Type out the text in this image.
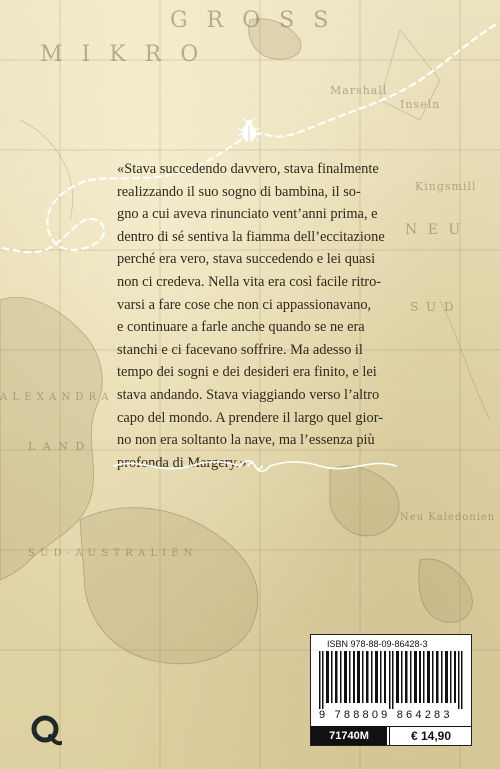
G R O S S
M I K R O
Marshall
Inseln
Kingsmill
N E U
S U D
A L E X A N D R A
L A N D
S U D - A U S T R A L I E N
Neu Kaledonien
«Stava succedendo davvero, stava finalmente
realizzando il suo sogno di bambina, il so-
gno a cui aveva rinunciato vent’anni prima, e
dentro di sé sentiva la fiamma dell’eccitazione
perché era vero, stava succedendo e lei quasi
non ci credeva. Nella vita era così facile ritro-
varsi a fare cose che non ci appassionavano,
e continuare a farle anche quando se ne era
stanchi e ci facevano soffrire. Ma adesso il
tempo dei sogni e dei desideri era finito, e lei
stava andando. Stava viaggiando verso l’altro
capo del mondo. A prendere il largo quel gior-
no non era soltanto la nave, ma l’essenza più
profonda di Margery.»
ISBN 978-88-09-86428-3
9 788809 864283
71740M	€ 14,90
